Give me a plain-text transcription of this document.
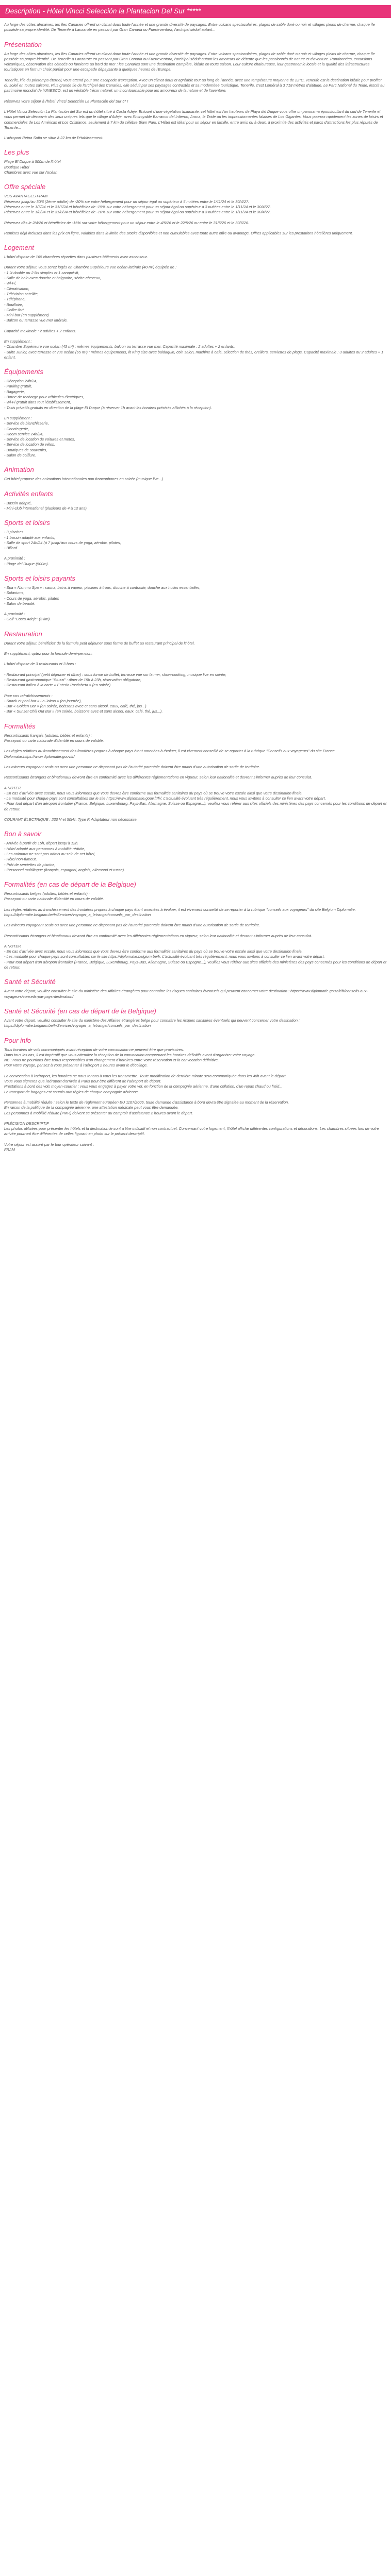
Description - Hôtel Vincci Selección la Plantacion Del Sur *****

Au large des côtes africaines, les îles Canaries offrent un climat doux toute l'année et une grande diversité de paysages. Entre volcans spectaculaires, plages de sable doré ou noir et villages pleins de charme, chaque île possède sa propre identité. De Tenerife à Lanzarote en passant par Gran Canaria ou Fuerteventura, l'archipel séduit autant...

Présentation

Au large des côtes africaines, les îles Canaries offrent un climat doux toute l'année et une grande diversité de paysages. Entre volcans spectaculaires, plages de sable doré ou noir et villages pleins de charme, chaque île possède sa propre identité. De Tenerife à Lanzarote en passant par Gran Canaria ou Fuerteventura, l'archipel séduit autant les amateurs de détente que les passionnés de nature et d'aventure. Randonnées, excursions volcaniques, observation des cétacés ou farniente au bord de mer : les Canaries sont une destination complète, idéale en toute saison. Leur culture chaleureuse, leur gastronomie locale et la qualité des infrastructures touristiques en font un choix parfait pour une escapade dépaysante à quelques heures de l'Europe.

Tenerife, l'île du printemps éternel, vous attend pour une escapade d'exception. Avec un climat doux et agréable tout au long de l'année, avec une température moyenne de 22°C, Tenerife est la destination idéale pour profiter du soleil en toutes saisons. Plus grande île de l'archipel des Canaries, elle séduit par ses paysages contrastés et sa moderniteé touristique. Tenerife, c'est Loméral à 3 718 mètres d'altitude. Le Parc National du Teide, inscrit au patrimoine mondial de l'UNESCO, est un véritable trésor naturel, un incontournable pour les amoureux de la nature et de l'aventure.

Réservez votre séjour à l'hôtel Vincci Selección La Plantación del Sur 5* !

L'Hôtel Vincci Selección La Plantación del Sur est un hôtel situé à Costa Adeje. Entouré d'une végétation luxuriante, cet hôtel est l'un hauteurs de Playa del Duque vous offre un panorama époustouflant du sud de Tenerife et vous permet de découvrir des lieux uniques tels que le village d'Adeje, avec l'incroyable Barranco del Infierno, Arona, le Teide ou les impressionnantes falaises de Los Gigantes. Vous pourrez rapidement les zones de loisirs et commerciales de Los Américas et Los Cristianos, seulement à 7 km du célèbre Siam Park. L'Hôtel est idéal pour un séjour en famille, entre amis ou à deux, à proximité des activités et parcs d'attractions les plus réputés de Tenerife...

L'aéroport Reina Sofia se situe à 22 km de l'établissement.

Les plus

Plage El Duque à 500m de l'hôtel
Boutique Hôtel
Chambres avec vue sur l'océan

Offre spéciale

VOS AVANTAGES FRAM
Réservez jusqu'au 30/6 (2ème adulte) de -20% sur votre hébergement pour un séjour égal ou supérieur à 5 nuitées entre le 1/11/24 et le 30/4/27.
Réservez entre le 1/7/24 et le 31/7/24 et bénéficiez de -15% sur votre hébergement pour un séjour égal ou supérieur à 3 nuitées entre le 1/11/24 et le 30/4/27.
Réservez entre le 1/8/24 et le 31/8/24 et bénéficiez de -10% sur votre hébergement pour un séjour égal ou supérieur à 3 nuitées entre le 1/11/24 et le 30/4/27.

Réservez dès le 2/4/26 et bénéficiez de -15% sur votre hébergement pour un séjour entre le 4/5/26 et le 22/5/26 ou entre le 31/5/26 et le 30/6/26.

Remises déjà incluses dans les prix en ligne, valables dans la limite des stocks disponibles et non cumulables avec toute autre offre ou avantage. Offres applicables sur les prestations hôtelières uniquement.

Logement

L'hôtel dispose de 165 chambres réparties dans plusieurs bâtiments avec ascenseur.

Durant votre séjour, vous serez logés en Chambre Supérieure vue océan latérale (40 m²) équipée de :
- 1 lit double ou 2 lits simples et 1 canapé-lit,
- Salle de bain avec douche et baignoire, sèche-cheveux,
- Wi-Fi,
- Climatisation,
- Télévision satellite,
- Téléphone,
- Bouilloire,
- Coffre-fort,
- Mini-bar (en supplément)
- Balcon ou terrasse vue mer latérale.

Capacité maximale : 2 adultes + 2 enfants.

En supplément :
- Chambre Supérieure vue océan (43 m²) : mêmes équipements, balcon ou terrasse vue mer. Capacité maximale : 2 adultes + 2 enfants.
- Suite Junior, avec terrasse et vue océan (65 m²) : mêmes équipements, lit King size avec baldaquin, coin salon, machine à café, sélection de thés, oreillers, serviettes de plage. Capacité maximale : 3 adultes ou 2 adultes + 1 enfant.

Équipements

- Réception 24h/24,
- Parking gratuit,
- Bagagerie,
- Borne de recharge pour véhicules électriques,
- Wi-Fi gratuit dans tout l'établissement,
- Taxis privatifs gratuits en direction de la plage El Duque (à réserver 1h avant les horaires précisés affichés à la réception).

En supplément :
- Service de blanchisserie,
- Conciergerie,
- Room service 24h/24,
- Service de location de voitures et motos,
- Service de location de vélos,
- Boutiques de souvenirs,
- Salon de coiffure.

Animation

Cet hôtel propose des animations internationales non francophones en soirée (musique live...)

Activités enfants

- Bassin adapté,
- Mini-club international (plusieurs de 4 à 12 ans).

Sports et loisirs

- 3 piscines
- 1 bassin adapté aux enfants,
- Salle de sport 24h/24 (à 7 jusqu'aux cours de yoga, aérobic, pilates,
- Billard.

A proximité :
- Plage del Duque (500m).

Sports et loisirs payants

- Spa « Nammu Spa » : sauna, bains à vapeur, piscines à trous, douche à contraste, douche aux huiles essentielles,
- Solariums,
- Cours de yoga, aérobic, pilates
- Salon de beauté.

A proximité :
- Golf "Costa Adeje" (3 km).

Restauration

Durant votre séjour, bénéficiez de la formule petit déjeuner sous forme de buffet au restaurant principal de l'hôtel.

En supplément, optez pour la formule demi-pension.

L'hôtel dispose de 3 restaurants et 3 bars :

- Restaurant principal (petit déjeuner et dîner) : sous forme de buffet, terrasse vue sur la mer, show-cooking, musique live en soirée,
- Restaurant gastronomique "Stuzzi" : dîner de 19h à 23h, réservation obligatoire,
- Restaurant italien à la carte « Enterio Pasticheta » (en soirée).

Pour vos rafraîchissements :
- Snack et pool bar « La Jaima » (en journée),
- Bar « Golden Bar » (en soirée, boissons avec et sans alcool, eaux, café, thé, jus...)
- Bar « Sunset Chill Out Bar » (en soirée, boissons avec et sans alcool, eaux, café, thé, jus...).

Formalités

Ressortissants français (adultes, bébés et enfants) :
Passeport ou carte nationale d'identité en cours de validité.

Les règles relatives au franchissement des frontières propres à chaque pays étant amenées à évoluer, il est vivement conseillé de se reporter à la rubrique "Conseils aux voyageurs" du site France Diplomatie.https://www.diplomatie.gouv.fr/

Les mineurs voyageant seuls ou avec une personne ne disposant pas de l'autorité parentale doivent être munis d'une autorisation de sortie de territoire.

Ressortissants étrangers et binationaux devront être en conformité avec les différentes réglementations en vigueur, selon leur nationalité et devront s'informer auprès de leur consulat.

A NOTER
- En cas d'arrivée avec escale, nous vous informons que vous devrez être conforme aux formalités sanitaires du pays où se trouve votre escale ainsi que votre destination finale.
- La modalité pour chaque pays sont consultables sur le site https://www.diplomatie.gouv.fr/fr/. L'actualité évoluant très régulièrement, nous vous invitons à consulter ce lien avant votre départ.
- Pour tout départ d'un aéroport frontalier (France, Belgique, Luxembourg, Pays-Bas, Allemagne, Suisse ou Espagne...), veuillez vous référer aux sites officiels des ministères des pays concernés pour les conditions de départ et de retour.

COURANT ÉLECTRIQUE : 230 V et 50Hz. Type F. Adaptateur non nécessaire.

Bon à savoir

- Arrivée à partir de 15h, départ jusqu'à 12h.
- Hôtel adapté aux personnes à mobilité réduite,
- Les animaux ne sont pas admis au sein de cet hôtel,
- Hôtel non-fumeur,
- Prêt de serviettes de piscine,
- Personnel multilingue (français, espagnol, anglais, allemand et russe).

Formalités (en cas de départ de la Belgique)

Ressortissants belges (adultes, bébés et enfants) :
Passeport ou carte nationale d'identité en cours de validité.

Les règles relatives au franchissement des frontières propres à chaque pays étant amenées à évoluer, il est vivement conseillé de se reporter à la rubrique "conseils aux voyageurs" du site Belgium Diplomatie. https://diplomatie.belgium.be/fr/Services/voyager_a_letranger/conseils_par_destination

Les mineurs voyageant seuls ou avec une personne ne disposant pas de l'autorité parentale doivent être munis d'une autorisation de sortie de territoire.

Ressortissants étrangers et binationaux devront être en conformité avec les différentes réglementations en vigueur, selon leur nationalité et devront s'informer auprès de leur consulat.

A NOTER
- En cas d'arrivée avec escale, nous vous informons que vous devrez être conforme aux formalités sanitaires du pays où se trouve votre escale ainsi que votre destination finale.
- Les modalité pour chaque pays sont consultables sur le site https://diplomatie.belgium.be/fr. L'actualité évoluant très régulièrement, nous vous invitons à consulter ce lien avant votre départ.
- Pour tout départ d'un aéroport frontalier (France, Belgique, Luxembourg, Pays-Bas, Allemagne, Suisse ou Espagne...), veuillez vous référer aux sites officiels des ministères des pays concernés pour les conditions de départ et de retour.

Santé et Sécurité

Avant votre départ, veuillez consulter le site du ministère des Affaires étrangères pour connaître les risques sanitaires éventuels qui peuvent concerner votre destination : https://www.diplomatie.gouv.fr/fr/conseils-aux-voyageurs/conseils-par-pays-destination/

Santé et Sécurité (en cas de départ de la Belgique)

Avant votre départ, veuillez consulter le site du ministère des Affaires étrangères belge pour connaître les risques sanitaires éventuels qui peuvent concerner votre destination : https://diplomatie.belgium.be/fr/Services/voyager_a_letranger/conseils_par_destination

Pour info

Tous horaires de vols communiqués avant réception de votre convocation ne peuvent être que provisoires.
Dans tous les cas, il est impératif que vous attendiez la réception de la convocation comprenant les horaires définitifs avant d'organiser votre voyage.
NB : nous ne pourrions être tenus responsables d'un changement d'horaires entre votre réservation et la convocation définitive.
Pour votre voyage, pensez à vous présenter à l'aéroport 2 heures avant le décollage.

La convocation à l'aéroport, les horaires ne nous tenons à vous les transmettre. Toute modification de dernière minute sera communiquée dans les 48h avant le départ.
Vous vous signerez que l'aéroport d'arrivée à Paris peut être différent de l'aéroport de départ.
Prestations à bord des vols moyen-courrier : vous vous engagez à payer votre vol, en fonction de la compagnie aérienne, d'une collation, d'un repas chaud ou froid...
Le transport de bagages est soumis aux règles de chaque compagnie aérienne.

Personnes à mobilité réduite : selon le texte de règlement européen EU 1107/2006, toute demande d'assistance à bord devra être signalée au moment de la réservation.
En raison de la politique de la compagnie aérienne, une attestation médicale peut vous être demandée.
Les personnes à mobilité réduite (PMR) doivent se présenter au comptoir d'assistance 2 heures avant le départ.

PRÉCISION DESCRIPTIF
Les photos utilisées pour présenter les hôtels et la destination le sont à titre indicatif et non contractuel. Concernant votre logement, l'hôtel affiche différentes configurations et décorations. Les chambres situées lors de votre arrivée pourront être différentes de celles figurant en photo sur le présent descriptif.

Votre séjour est assuré par le tour opérateur suivant :
FRAM
